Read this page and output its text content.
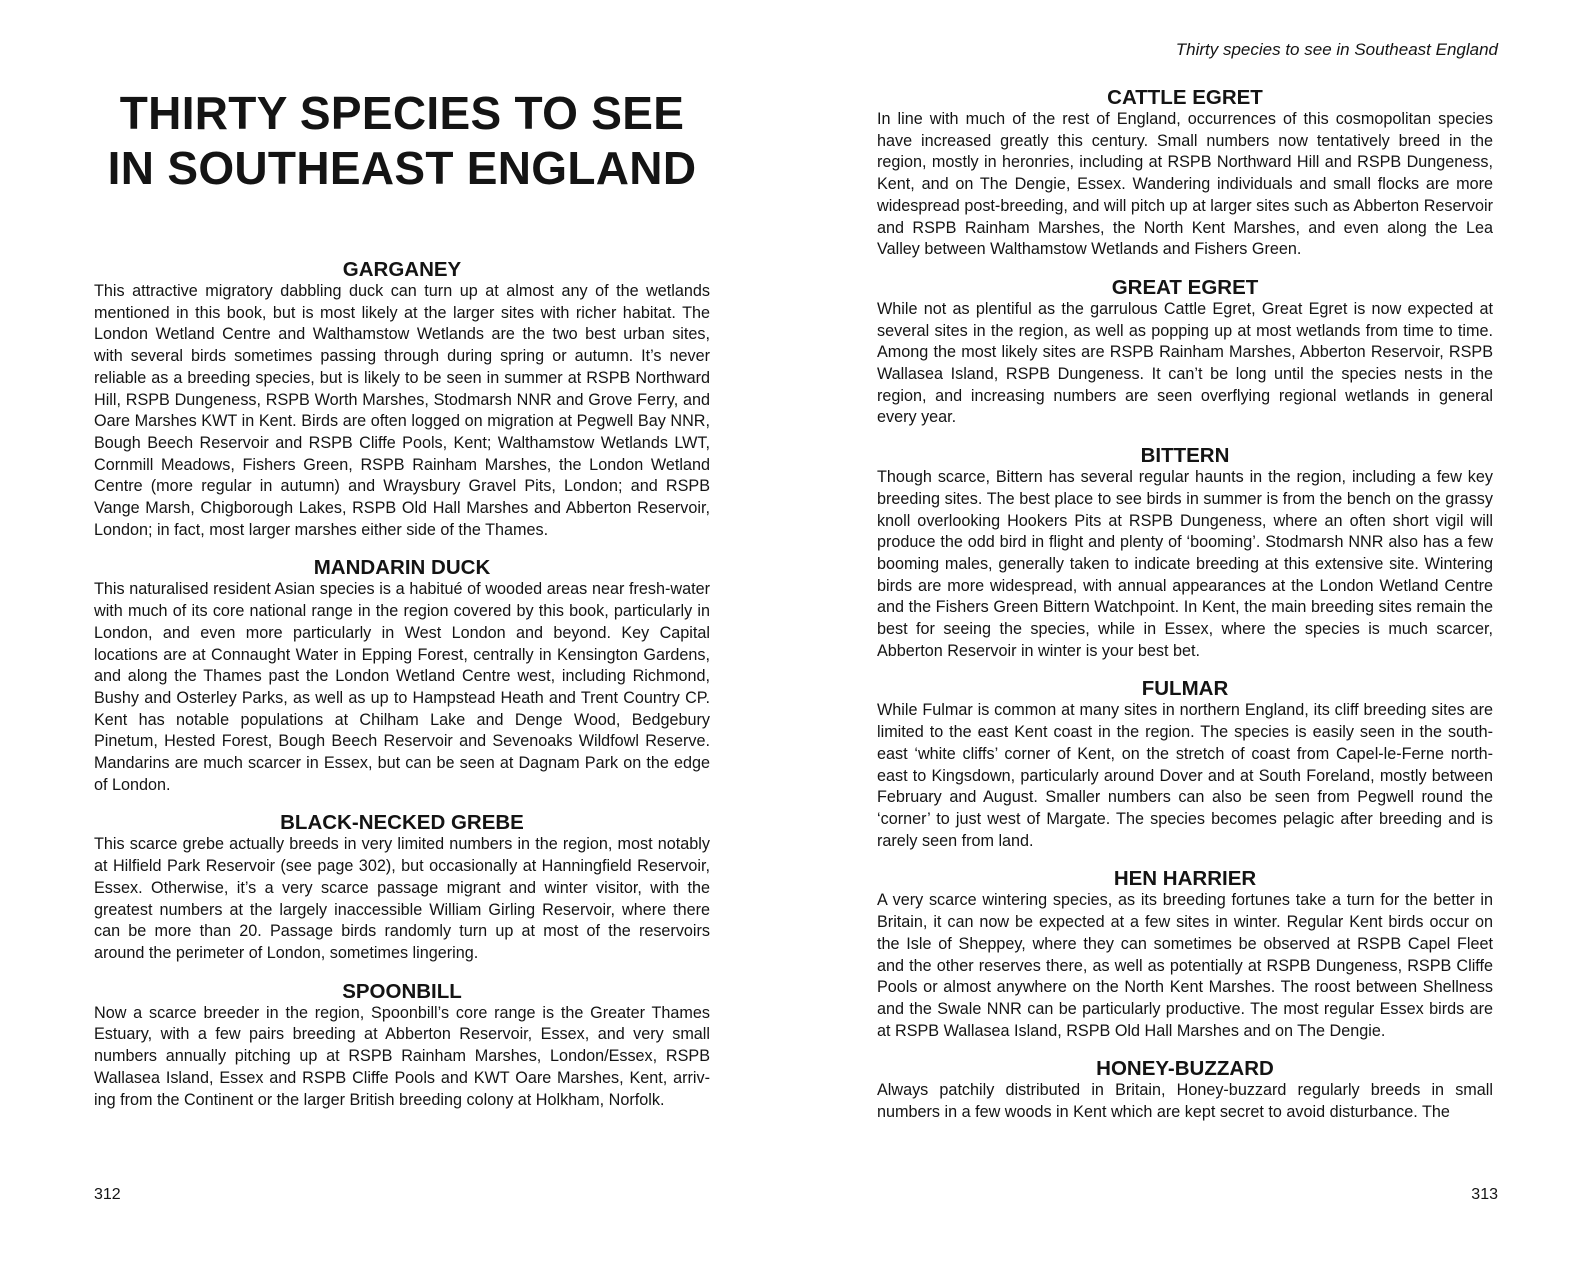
THIRTY SPECIES TO SEE IN SOUTHEAST ENGLAND
GARGANEY

This attractive migratory dabbling duck can turn up at almost any of the wetlands mentioned in this book, but is most likely at the larger sites with richer habitat. The London Wetland Centre and Walthamstow Wetlands are the two best urban sites, with several birds sometimes passing through during spring or autumn. It’s never reliable as a breeding species, but is likely to be seen in summer at RSPB Northward Hill, RSPB Dungeness, RSPB Worth Marshes, Stodmarsh NNR and Grove Ferry, and Oare Marshes KWT in Kent. Birds are often logged on migration at Pegwell Bay NNR, Bough Beech Reservoir and RSPB Cliffe Pools, Kent; Walthamstow Wetlands LWT, Cornmill Meadows, Fishers Green, RSPB Rainham Marshes, the London Wetland Centre (more regular in autumn) and Wraysbury Gravel Pits, London; and RSPB Vange Marsh, Chigborough Lakes, RSPB Old Hall Marshes and Abberton Reservoir, London; in fact, most larger marshes either side of the Thames.

MANDARIN DUCK

This naturalised resident Asian species is a habitué of wooded areas near fresh-water with much of its core national range in the region covered by this book, particularly in London, and even more particularly in West London and beyond. Key Capital locations are at Connaught Water in Epping Forest, centrally in Kensington Gardens, and along the Thames past the London Wetland Centre west, including Richmond, Bushy and Osterley Parks, as well as up to Hampstead Heath and Trent Country CP. Kent has notable populations at Chilham Lake and Denge Wood, Bedgebury Pinetum, Hested Forest, Bough Beech Reservoir and Sevenoaks Wildfowl Reserve. Mandarins are much scarcer in Essex, but can be seen at Dagnam Park on the edge of London.

BLACK-NECKED GREBE

This scarce grebe actually breeds in very limited numbers in the region, most notably at Hilfield Park Reservoir (see page 302), but occasionally at Hanningfield Reservoir, Essex. Otherwise, it’s a very scarce passage migrant and winter visitor, with the greatest numbers at the largely inaccessible William Girling Reservoir, where there can be more than 20. Passage birds randomly turn up at most of the reservoirs around the perimeter of London, sometimes lingering.

SPOONBILL

Now a scarce breeder in the region, Spoonbill’s core range is the Greater Thames Estuary, with a few pairs breeding at Abberton Reservoir, Essex, and very small numbers annually pitching up at RSPB Rainham Marshes, London/Essex, RSPB Wallasea Island, Essex and RSPB Cliffe Pools and KWT Oare Marshes, Kent, arriv-ing from the Continent or the larger British breeding colony at Holkham, Norfolk.

312
Thirty species to see in Southeast England
CATTLE EGRET

In line with much of the rest of England, occurrences of this cosmopolitan species have increased greatly this century. Small numbers now tentatively breed in the region, mostly in heronries, including at RSPB Northward Hill and RSPB Dungeness, Kent, and on The Dengie, Essex. Wandering individuals and small flocks are more widespread post-breeding, and will pitch up at larger sites such as Abberton Reservoir and RSPB Rainham Marshes, the North Kent Marshes, and even along the Lea Valley between Walthamstow Wetlands and Fishers Green.

GREAT EGRET

While not as plentiful as the garrulous Cattle Egret, Great Egret is now expected at several sites in the region, as well as popping up at most wetlands from time to time. Among the most likely sites are RSPB Rainham Marshes, Abberton Reservoir, RSPB Wallasea Island, RSPB Dungeness. It can’t be long until the species nests in the region, and increasing numbers are seen overflying regional wetlands in general every year.

BITTERN

Though scarce, Bittern has several regular haunts in the region, including a few key breeding sites. The best place to see birds in summer is from the bench on the grassy knoll overlooking Hookers Pits at RSPB Dungeness, where an often short vigil will produce the odd bird in flight and plenty of ‘booming’. Stodmarsh NNR also has a few booming males, generally taken to indicate breeding at this extensive site. Wintering birds are more widespread, with annual appearances at the London Wetland Centre and the Fishers Green Bittern Watchpoint. In Kent, the main breeding sites remain the best for seeing the species, while in Essex, where the species is much scarcer, Abberton Reservoir in winter is your best bet.

FULMAR

While Fulmar is common at many sites in northern England, its cliff breeding sites are limited to the east Kent coast in the region. The species is easily seen in the south-east ‘white cliffs’ corner of Kent, on the stretch of coast from Capel-le-Ferne north-east to Kingsdown, particularly around Dover and at South Foreland, mostly between February and August. Smaller numbers can also be seen from Pegwell round the ‘corner’ to just west of Margate. The species becomes pelagic after breeding and is rarely seen from land.

HEN HARRIER

A very scarce wintering species, as its breeding fortunes take a turn for the better in Britain, it can now be expected at a few sites in winter. Regular Kent birds occur on the Isle of Sheppey, where they can sometimes be observed at RSPB Capel Fleet and the other reserves there, as well as potentially at RSPB Dungeness, RSPB Cliffe Pools or almost anywhere on the North Kent Marshes. The roost between Shellness and the Swale NNR can be particularly productive. The most regular Essex birds are at RSPB Wallasea Island, RSPB Old Hall Marshes and on The Dengie.

HONEY-BUZZARD

Always patchily distributed in Britain, Honey-buzzard regularly breeds in small numbers in a few woods in Kent which are kept secret to avoid disturbance. The

313
